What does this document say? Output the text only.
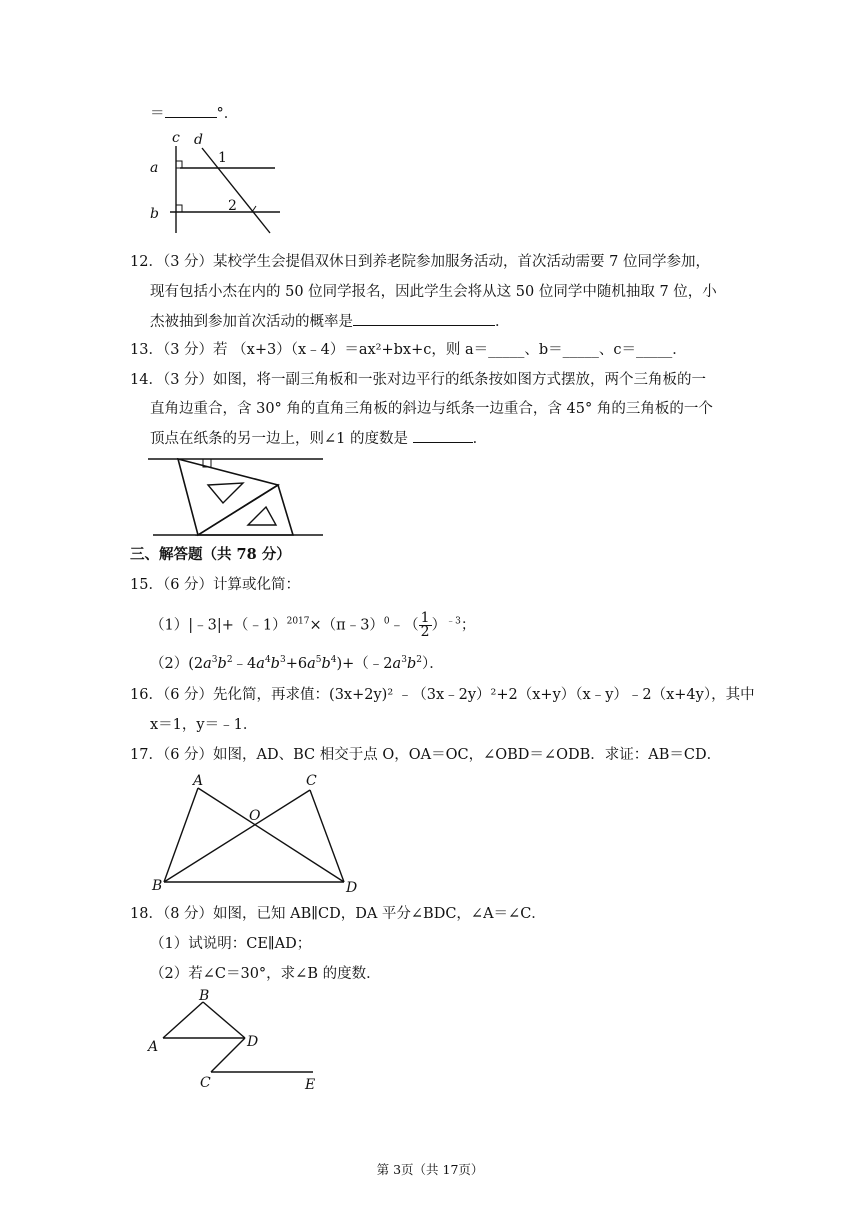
＝	°．
c d
a
b
1
2
12．（3 分）某校学生会提倡双休日到养老院参加服务活动，首次活动需要 7 位同学参加，
现有包括小杰在内的 50 位同学报名，因此学生会将从这 50 位同学中随机抽取 7 位，小
杰被抽到参加首次活动的概率是	．
13．（3 分）若 （x+3）（x﹣4）＝ax²+bx+c，则 a＝_____、b＝_____、c＝_____．
14．（3 分）如图，将一副三角板和一张对边平行的纸条按如图方式摆放，两个三角板的一
直角边重合，含 30° 角的直角三角板的斜边与纸条一边重合，含 45° 角的三角板的一个
顶点在纸条的另一边上，则∠1 的度数是	．
三、解答题（共 78 分）
15．（6 分）计算或化简：
（1）|﹣3|+（﹣1）$^{2017}$×（π﹣3）$^0$﹣（ $\frac{1}{2} )^{﹣3}$；
$(2)(2a^3b^2﹣4a^4b^3+6a^5b^4)+(﹣2a^3b^2)$．
16．（6 分）先化简，再求值：(3x+2y)² ﹣（3x﹣2y）²+2（x+y）（x﹣y）﹣2（x+4y），其中
x＝1，y＝﹣1．
17．（6 分）如图，AD、BC 相交于点 O，OA＝OC，∠OBD＝∠ODB．求证：AB＝CD．
A	C
O
B	D
18．（8 分）如图，已知 AB∥CD，DA 平分∠BDC，∠A＝∠C．
（1）试说明：CE∥AD；
（2）若∠C＝30°，求∠B 的度数．
B
A	D
C	E
第 3页（共 17页）
